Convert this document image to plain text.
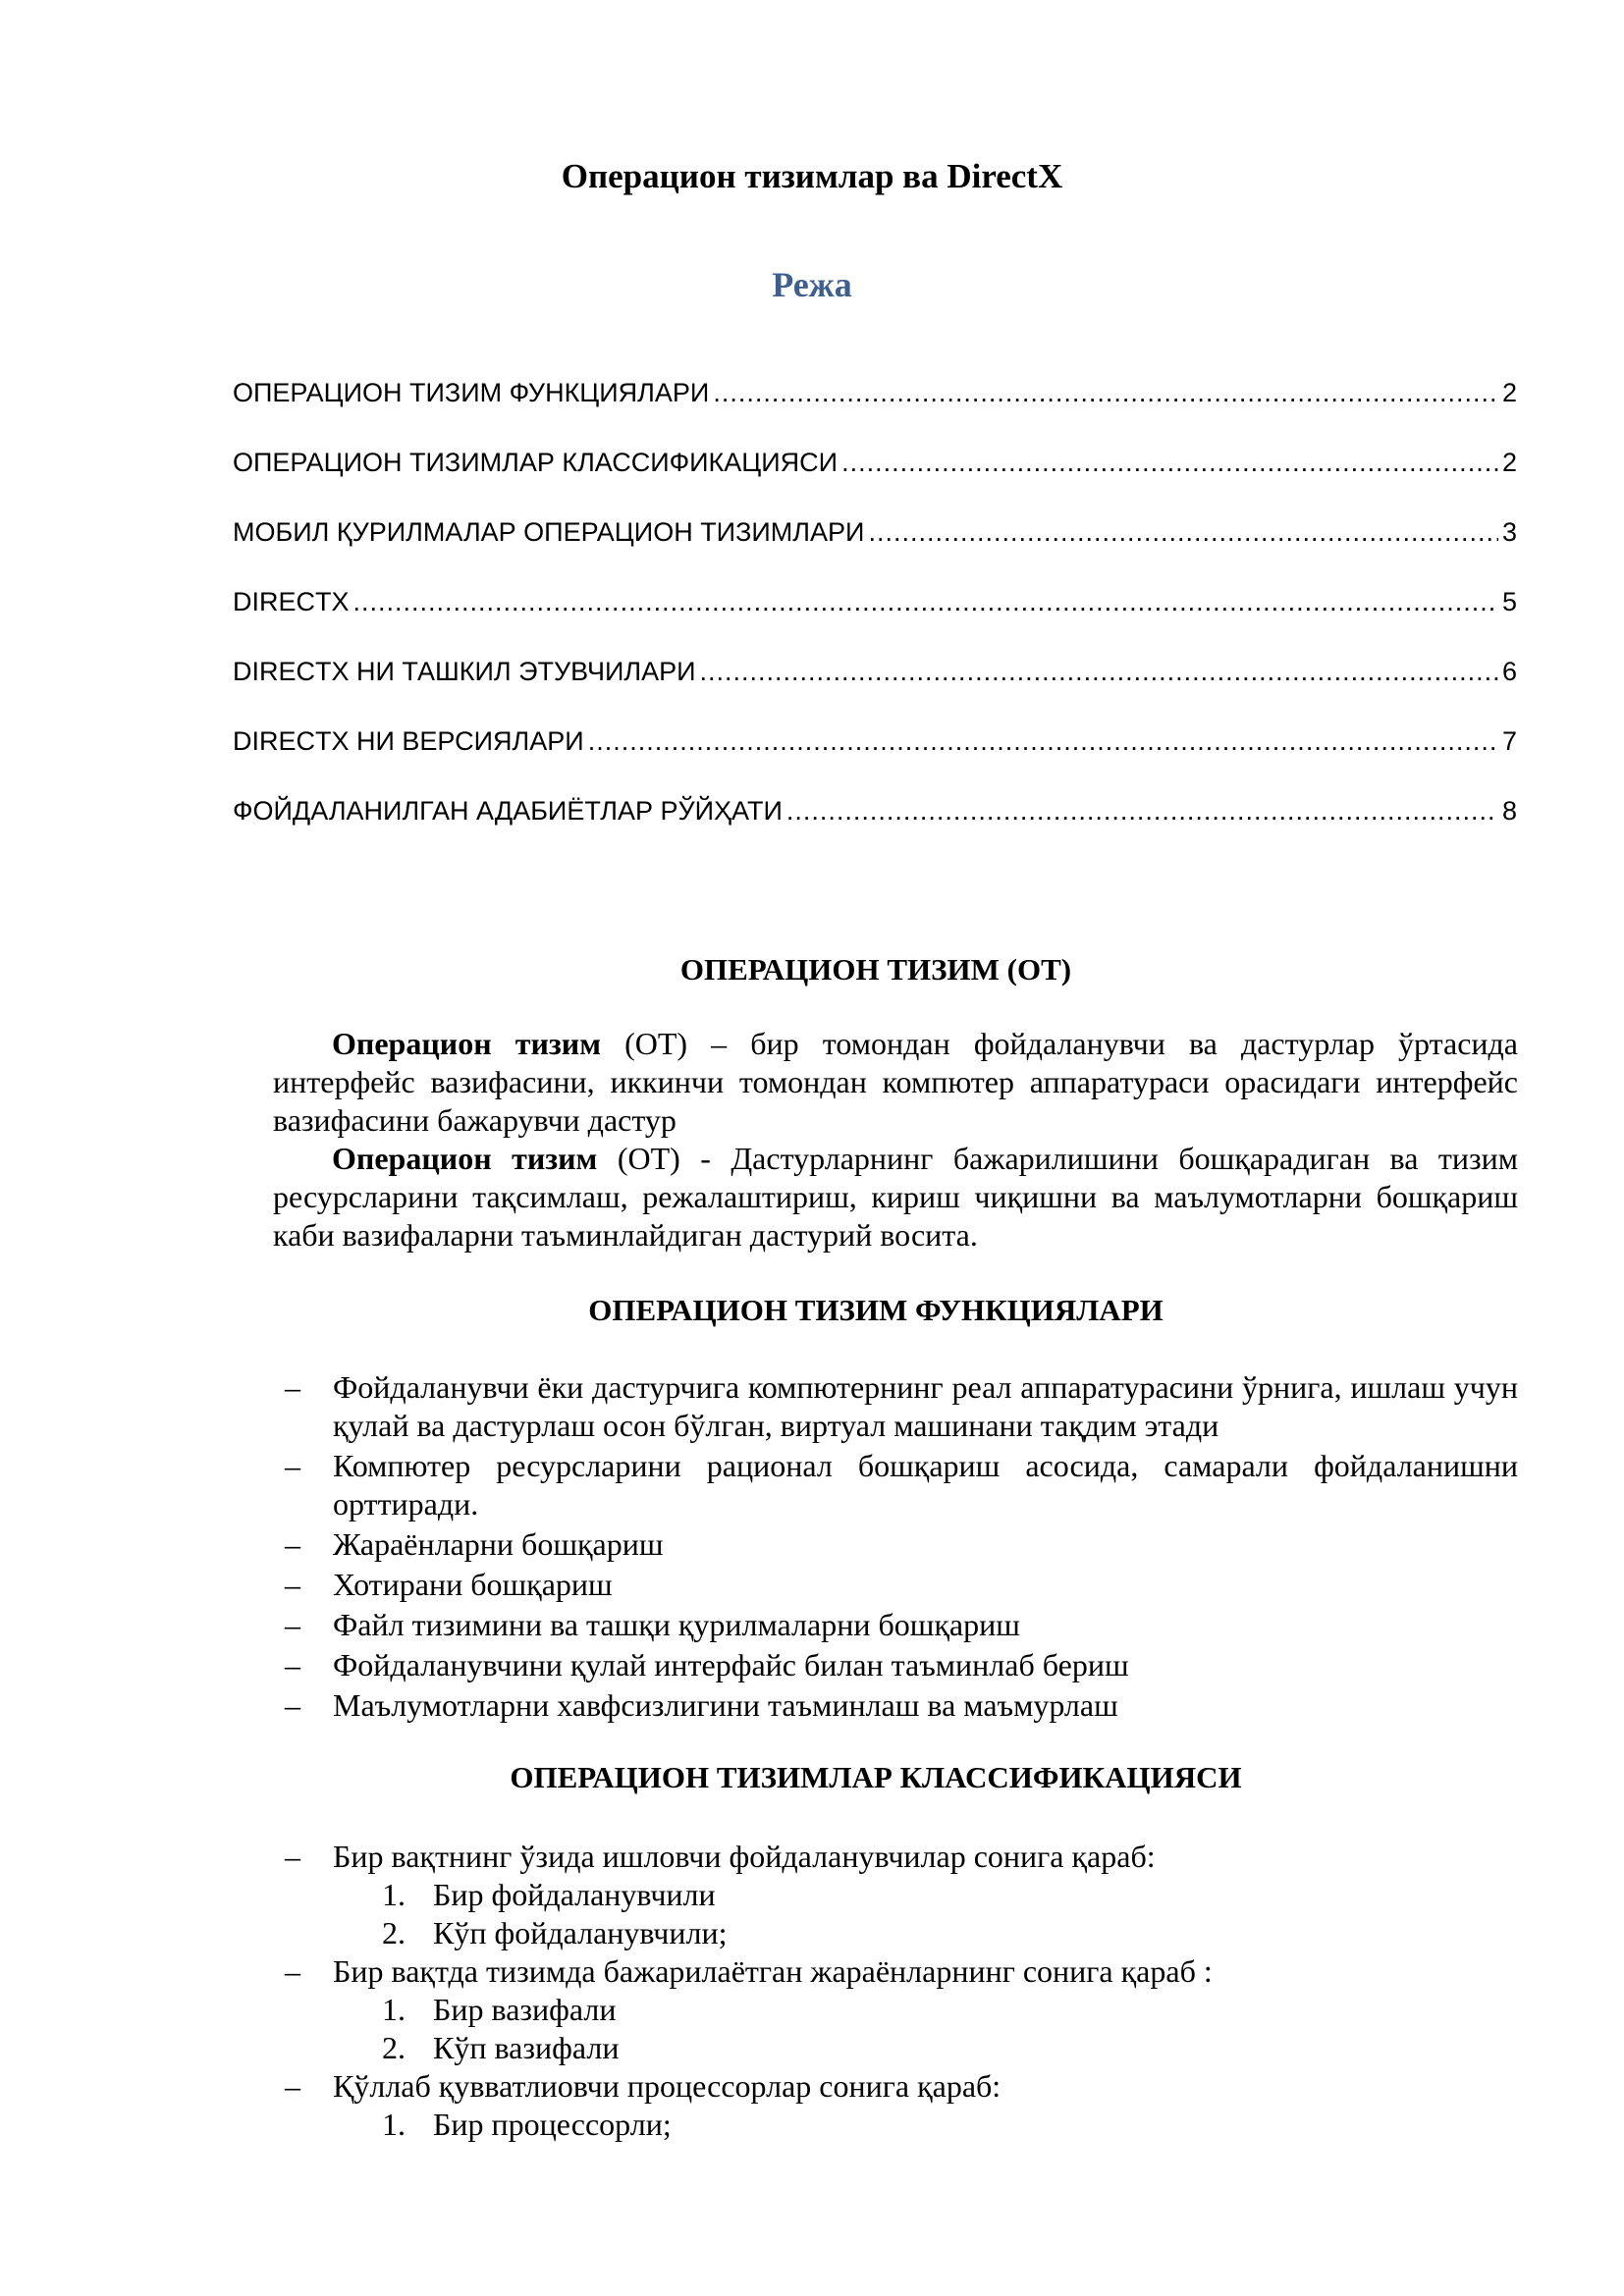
Операцион тизимлар ва DirectX
Режа
ОПЕРАЦИОН ТИЗИМ ФУНКЦИЯЛАРИ .....	2
ОПЕРАЦИОН ТИЗИМЛАР КЛАССИФИКАЦИЯСИ .....	2
МОБИЛ ҚУРИЛМАЛАР ОПЕРАЦИОН ТИЗИМЛАРИ .....	3
DIRECTX .....	5
DIRECTX НИ ТАШКИЛ ЭТУВЧИЛАРИ .....	6
DIRECTX НИ ВЕРСИЯЛАРИ .....	7
ФОЙДАЛАНИЛГАН АДАБИЁТЛАР РЎЙҲАТИ .....	8
ОПЕРАЦИОН ТИЗИМ (ОТ)

Операцион тизим (ОТ) – бир томондан фойдаланувчи ва дастурлар ўртасида интерфейс вазифасини, иккинчи томондан компютер аппаратураси орасидаги интерфейс вазифасини бажарувчи дастур

Операцион тизим (ОТ) - Дастурларнинг бажарилишини бошқарадиган ва тизим ресурсларини тақсимлаш, режалаштириш, кириш чиқишни ва маълумотларни бошқариш каби вазифаларни таъминлайдиган дастурий восита.

ОПЕРАЦИОН ТИЗИМ ФУНКЦИЯЛАРИ
– Фойдаланувчи ёки дастурчига компютернинг реал аппаратурасини ўрнига, ишлаш учун қулай ва дастурлаш осон бўлган, виртуал машинани тақдим этади
– Компютер ресурсларини рационал бошқариш асосида, самарали фойдаланишни орттиради.
– Жараёнларни бошқариш
– Хотирани бошқариш
– Файл тизимини ва ташқи қурилмаларни бошқариш
– Фойдаланувчини қулай интерфайс билан таъминлаб бериш
– Маълумотларни хавфсизлигини таъминлаш ва маъмурлаш
ОПЕРАЦИОН ТИЗИМЛАР КЛАССИФИКАЦИЯСИ
– Бир вақтнинг ўзида ишловчи фойдаланувчилар сонига қараб:
1. Бир фойдаланувчили
2. Кўп фойдаланувчили;
– Бир вақтда тизимда бажарилаётган жараёнларнинг сонига қараб :
1. Бир вазифали
2. Кўп вазифали
– Қўллаб қувватлиовчи процессорлар сонига қараб:
1. Бир процессорли;
